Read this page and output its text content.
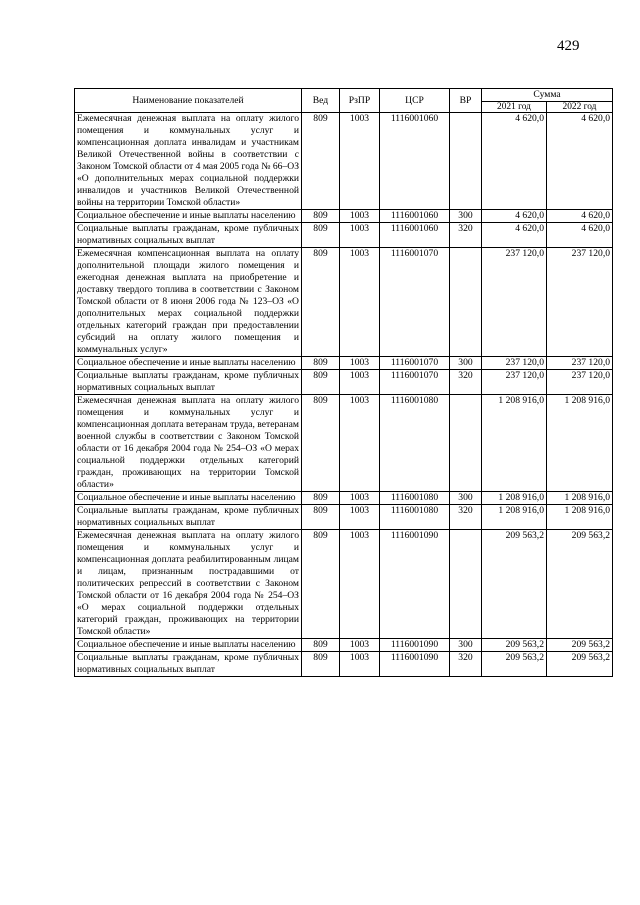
429
Наименование показателей	Вед	РзПР	ЦСР	ВР	Сумма	
					2021 год	2022 год
Ежемесячная денежная выплата на оплату жилого помещения и коммунальных услуг и компенсационная доплата инвалидам и участникам Великой Отечественной войны в соответствии с Законом Томской области от 4 мая 2005 года № 66–ОЗ «О дополнительных мерах социальной поддержки инвалидов и участников Великой Отечественной войны на территории Томской области»	809	1003	1116001060		4 620,0	4 620,0
Социальное обеспечение и иные выплаты населению	809	1003	1116001060	300	4 620,0	4 620,0
Социальные выплаты гражданам, кроме публичных нормативных социальных выплат	809	1003	1116001060	320	4 620,0	4 620,0
Ежемесячная компенсационная выплата на оплату дополнительной площади жилого помещения и ежегодная денежная выплата на приобретение и доставку твердого топлива в соответствии с Законом Томской области от 8 июня 2006 года № 123–ОЗ «О дополнительных мерах социальной поддержки отдельных категорий граждан при предоставлении субсидий на оплату жилого помещения и коммунальных услуг»	809	1003	1116001070		237 120,0	237 120,0
Социальное обеспечение и иные выплаты населению	809	1003	1116001070	300	237 120,0	237 120,0
Социальные выплаты гражданам, кроме публичных нормативных социальных выплат	809	1003	1116001070	320	237 120,0	237 120,0
Ежемесячная денежная выплата на оплату жилого помещения и коммунальных услуг и компенсационная доплата ветеранам труда, ветеранам военной службы в соответствии с Законом Томской области от 16 декабря 2004 года № 254–ОЗ «О мерах социальной поддержки отдельных категорий граждан, проживающих на территории Томской области»	809	1003	1116001080		1 208 916,0	1 208 916,0
Социальное обеспечение и иные выплаты населению	809	1003	1116001080	300	1 208 916,0	1 208 916,0
Социальные выплаты гражданам, кроме публичных нормативных социальных выплат	809	1003	1116001080	320	1 208 916,0	1 208 916,0
Ежемесячная денежная выплата на оплату жилого помещения и коммунальных услуг и компенсационная доплата реабилитированным лицам и лицам, признанным пострадавшими от политических репрессий в соответствии с Законом Томской области от 16 декабря 2004 года № 254–ОЗ «О мерах социальной поддержки отдельных категорий граждан, проживающих на территории Томской области»	809	1003	1116001090		209 563,2	209 563,2
Социальное обеспечение и иные выплаты населению	809	1003	1116001090	300	209 563,2	209 563,2
Социальные выплаты гражданам, кроме публичных нормативных социальных выплат	809	1003	1116001090	320	209 563,2	209 563,2
